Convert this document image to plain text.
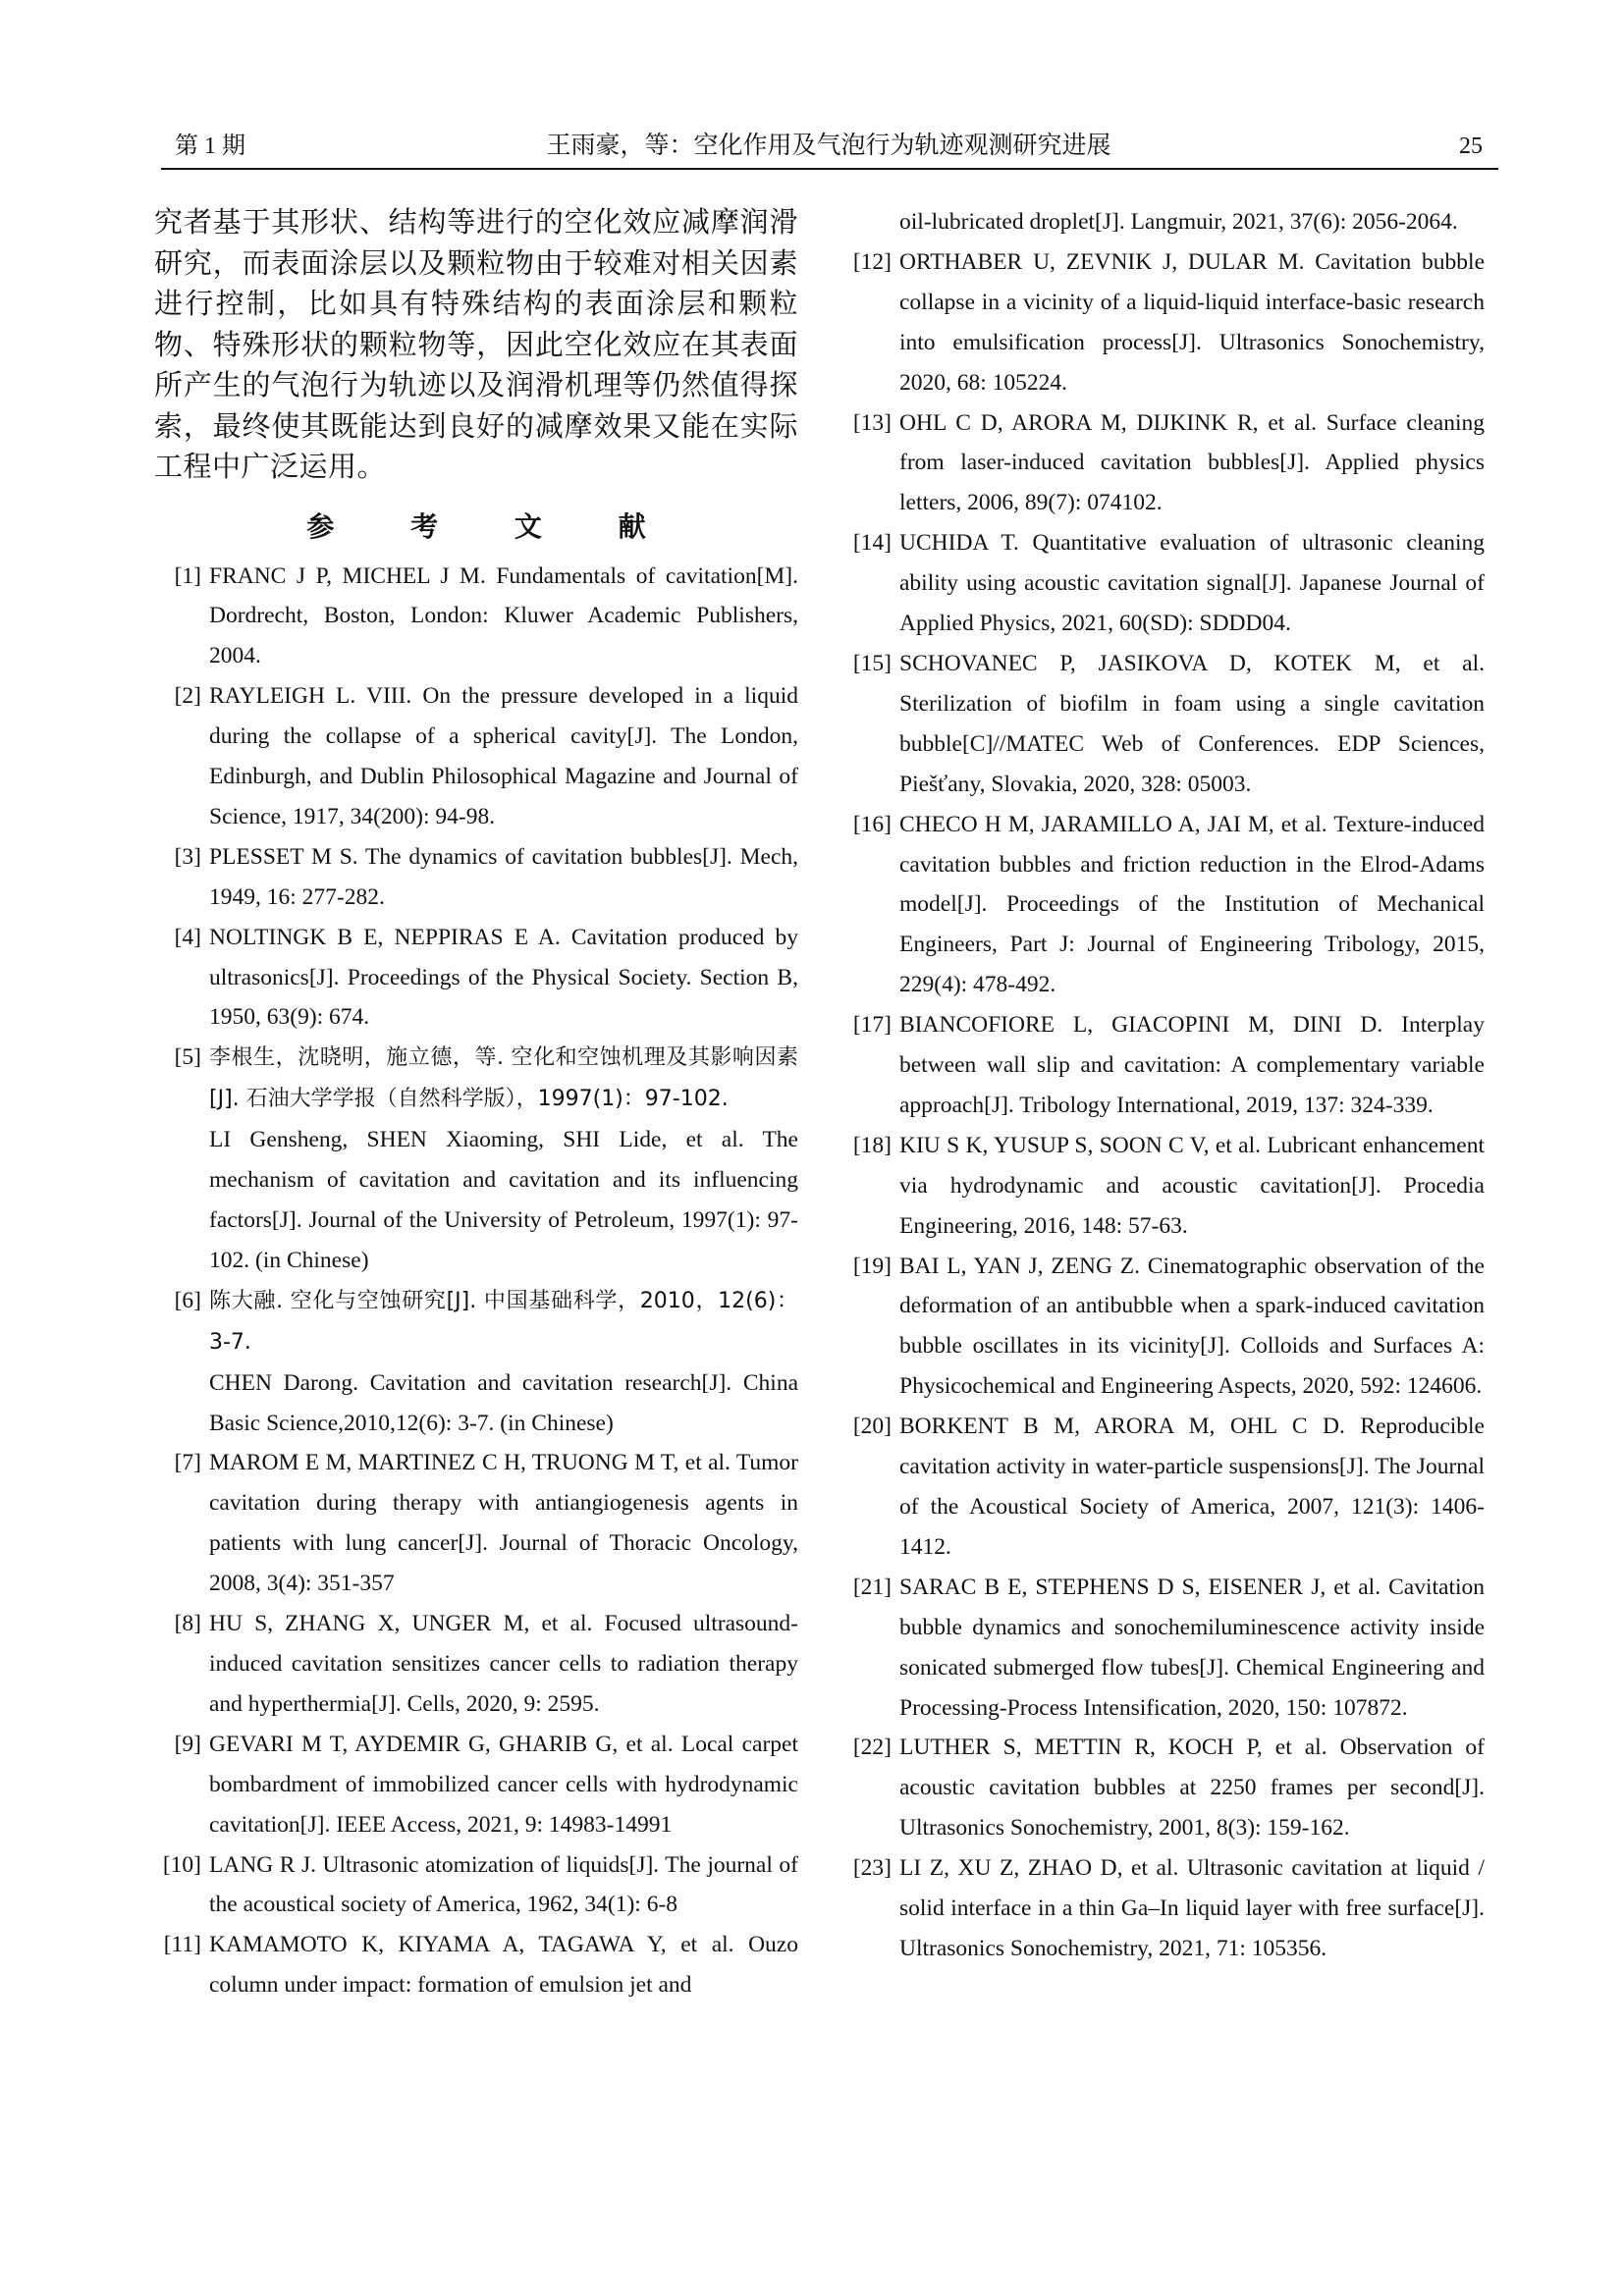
第 1 期	王雨豪，等：空化作用及气泡行为轨迹观测研究进展	25
究者基于其形状、结构等进行的空化效应减摩润滑研究，而表面涂层以及颗粒物由于较难对相关因素进行控制，比如具有特殊结构的表面涂层和颗粒物、特殊形状的颗粒物等，因此空化效应在其表面所产生的气泡行为轨迹以及润滑机理等仍然值得探索，最终使其既能达到良好的减摩效果又能在实际工程中广泛运用。
参 考 文 献
[1] FRANC J P, MICHEL J M. Fundamentals of cavitation[M]. Dordrecht, Boston, London: Kluwer Academic Publishers, 2004.
[2] RAYLEIGH L. VIII. On the pressure developed in a liquid during the collapse of a spherical cavity[J]. The London, Edinburgh, and Dublin Philosophical Magazine and Journal of Science, 1917, 34(200): 94-98.
[3] PLESSET M S. The dynamics of cavitation bubbles[J]. Mech, 1949, 16: 277-282.
[4] NOLTINGK B E, NEPPIRAS E A. Cavitation produced by ultrasonics[J]. Proceedings of the Physical Society. Section B, 1950, 63(9): 674.
[5] 李根生，沈晓明，施立德，等. 空化和空蚀机理及其影响因素[J]. 石油大学学报（自然科学版），1997(1)：97-102.
LI Gensheng, SHEN Xiaoming, SHI Lide, et al. The mechanism of cavitation and cavitation and its influencing factors[J]. Journal of the University of Petroleum, 1997(1): 97-102. (in Chinese)
[6] 陈大融. 空化与空蚀研究[J]. 中国基础科学，2010，12(6)：3-7.
CHEN Darong. Cavitation and cavitation research[J]. China Basic Science,2010,12(6): 3-7. (in Chinese)
[7] MAROM E M, MARTINEZ C H, TRUONG M T, et al. Tumor cavitation during therapy with antiangiogenesis agents in patients with lung cancer[J]. Journal of Thoracic Oncology, 2008, 3(4): 351-357
[8] HU S, ZHANG X, UNGER M, et al. Focused ultrasound-induced cavitation sensitizes cancer cells to radiation therapy and hyperthermia[J]. Cells, 2020, 9: 2595.
[9] GEVARI M T, AYDEMIR G, GHARIB G, et al. Local carpet bombardment of immobilized cancer cells with hydrodynamic cavitation[J]. IEEE Access, 2021, 9: 14983-14991
[10] LANG R J. Ultrasonic atomization of liquids[J]. The journal of the acoustical society of America, 1962, 34(1): 6-8
[11] KAMAMOTO K, KIYAMA A, TAGAWA Y, et al. Ouzo column under impact: formation of emulsion jet and
oil-lubricated droplet[J]. Langmuir, 2021, 37(6): 2056-2064.
[12] ORTHABER U, ZEVNIK J, DULAR M. Cavitation bubble collapse in a vicinity of a liquid-liquid interface-basic research into emulsification process[J]. Ultrasonics Sonochemistry, 2020, 68: 105224.
[13] OHL C D, ARORA M, DIJKINK R, et al. Surface cleaning from laser-induced cavitation bubbles[J]. Applied physics letters, 2006, 89(7): 074102.
[14] UCHIDA T. Quantitative evaluation of ultrasonic cleaning ability using acoustic cavitation signal[J]. Japanese Journal of Applied Physics, 2021, 60(SD): SDDD04.
[15] SCHOVANEC P, JASIKOVA D, KOTEK M, et al. Sterilization of biofilm in foam using a single cavitation bubble[C]//MATEC Web of Conferences. EDP Sciences, Piešťany, Slovakia, 2020, 328: 05003.
[16] CHECO H M, JARAMILLO A, JAI M, et al. Texture-induced cavitation bubbles and friction reduction in the Elrod-Adams model[J]. Proceedings of the Institution of Mechanical Engineers, Part J: Journal of Engineering Tribology, 2015, 229(4): 478-492.
[17] BIANCOFIORE L, GIACOPINI M, DINI D. Interplay between wall slip and cavitation: A complementary variable approach[J]. Tribology International, 2019, 137: 324-339.
[18] KIU S K, YUSUP S, SOON C V, et al. Lubricant enhancement via hydrodynamic and acoustic cavitation[J]. Procedia Engineering, 2016, 148: 57-63.
[19] BAI L, YAN J, ZENG Z. Cinematographic observation of the deformation of an antibubble when a spark-induced cavitation bubble oscillates in its vicinity[J]. Colloids and Surfaces A: Physicochemical and Engineering Aspects, 2020, 592: 124606.
[20] BORKENT B M, ARORA M, OHL C D. Reproducible cavitation activity in water-particle suspensions[J]. The Journal of the Acoustical Society of America, 2007, 121(3): 1406-1412.
[21] SARAC B E, STEPHENS D S, EISENER J, et al. Cavitation bubble dynamics and sonochemiluminescence activity inside sonicated submerged flow tubes[J]. Chemical Engineering and Processing-Process Intensification, 2020, 150: 107872.
[22] LUTHER S, METTIN R, KOCH P, et al. Observation of acoustic cavitation bubbles at 2250 frames per second[J]. Ultrasonics Sonochemistry, 2001, 8(3): 159-162.
[23] LI Z, XU Z, ZHAO D, et al. Ultrasonic cavitation at liquid / solid interface in a thin Ga–In liquid layer with free surface[J]. Ultrasonics Sonochemistry, 2021, 71: 105356.
